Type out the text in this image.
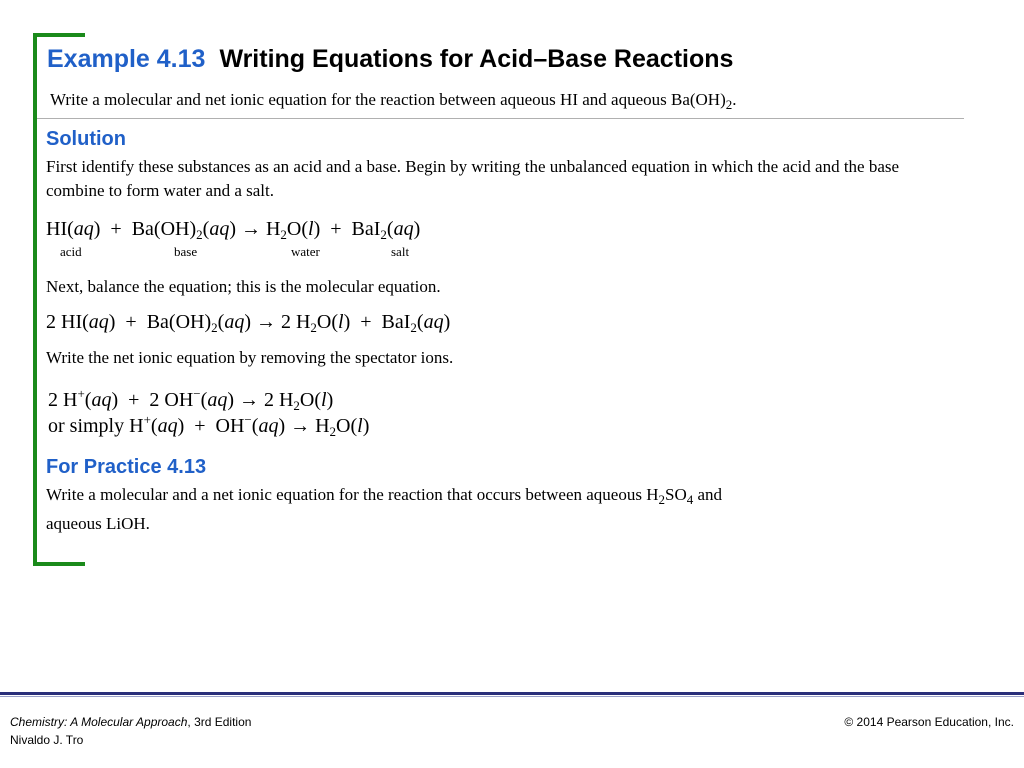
Example 4.13 Writing Equations for Acid–Base Reactions
Write a molecular and net ionic equation for the reaction between aqueous HI and aqueous $Ba(OH)_2$.
Solution
First identify these substances as an acid and a base. Begin by writing the unbalanced equation in which the acid and the base combine to form water and a salt.
$HI(aq) + Ba(OH)_2(aq) \to H_2O(l) + BaI_2(aq)$
acid	base	water	salt
Next, balance the equation; this is the molecular equation.
2 $HI(aq) + Ba(OH)_2(aq) \to 2$ $H_2O(l) + BaI_2(aq)$
Write the net ionic equation by removing the spectator ions.
2 H+(aq)  +  2 OH−(aq) → 2 $H_2O(l)$
or simply $H^+(aq) + OH^-(aq) \to H_2O(l)$
For Practice 4.13
Write a molecular and a net ionic equation for the reaction that occurs between aqueous $H_2SO_4$ and
aqueous LiOH.
Chemistry: A Molecular Approach, 3rd Edition
Nivaldo J. Tro
© 2014 Pearson Education, Inc.
